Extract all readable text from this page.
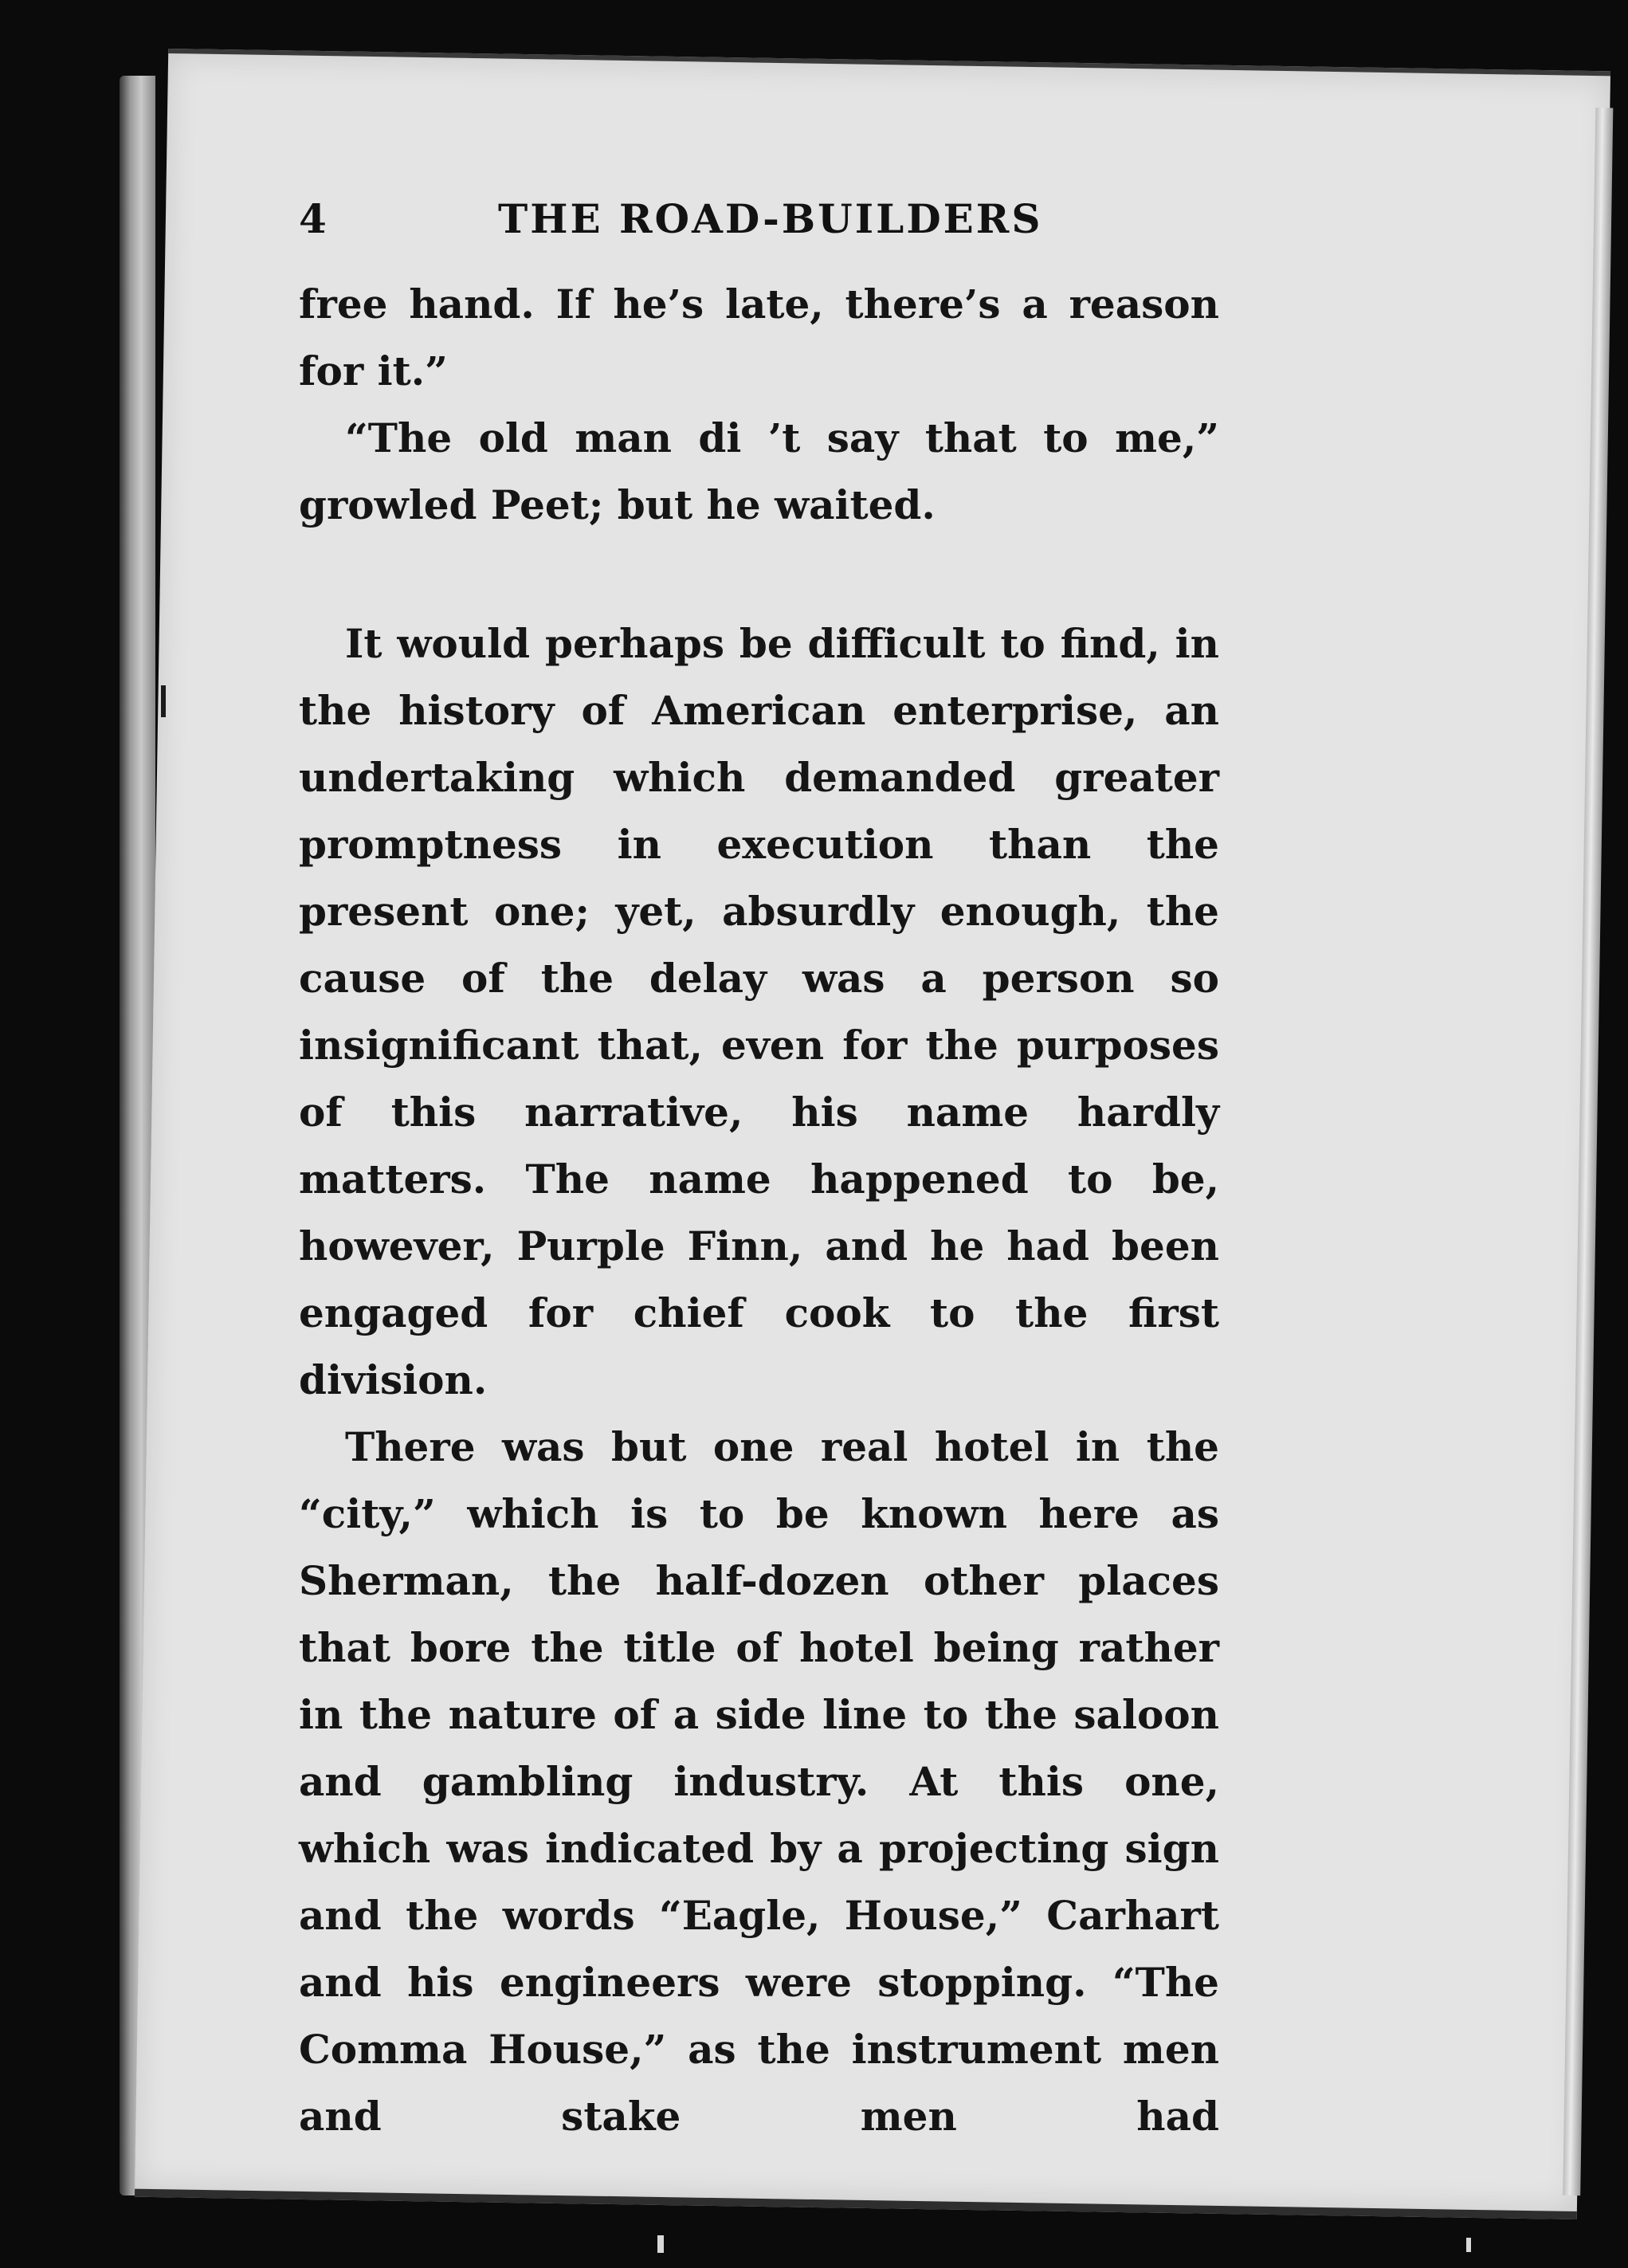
4	THE ROAD-BUILDERS

free hand. If he’s late, there’s a reason for it.”

“The old man di ’t say that to me,” growled Peet; but he waited.

It would perhaps be difficult to find, in the history of American enterprise, an undertaking which demanded greater promptness in execution than the present one; yet, absurdly enough, the cause of the delay was a person so insignificant that, even for the purposes of this narrative, his name hardly matters. The name happened to be, however, Purple Finn, and he had been engaged for chief cook to the first division.

There was but one real hotel in the “city,” which is to be known here as Sherman, the half-dozen other places that bore the title of hotel being rather in the nature of a side line to the saloon and gambling industry. At this one, which was indicated by a projecting sign and the words “Eagle, House,” Carhart and his engineers were stopping. “The Comma House,” as the instrument men and stake men had
